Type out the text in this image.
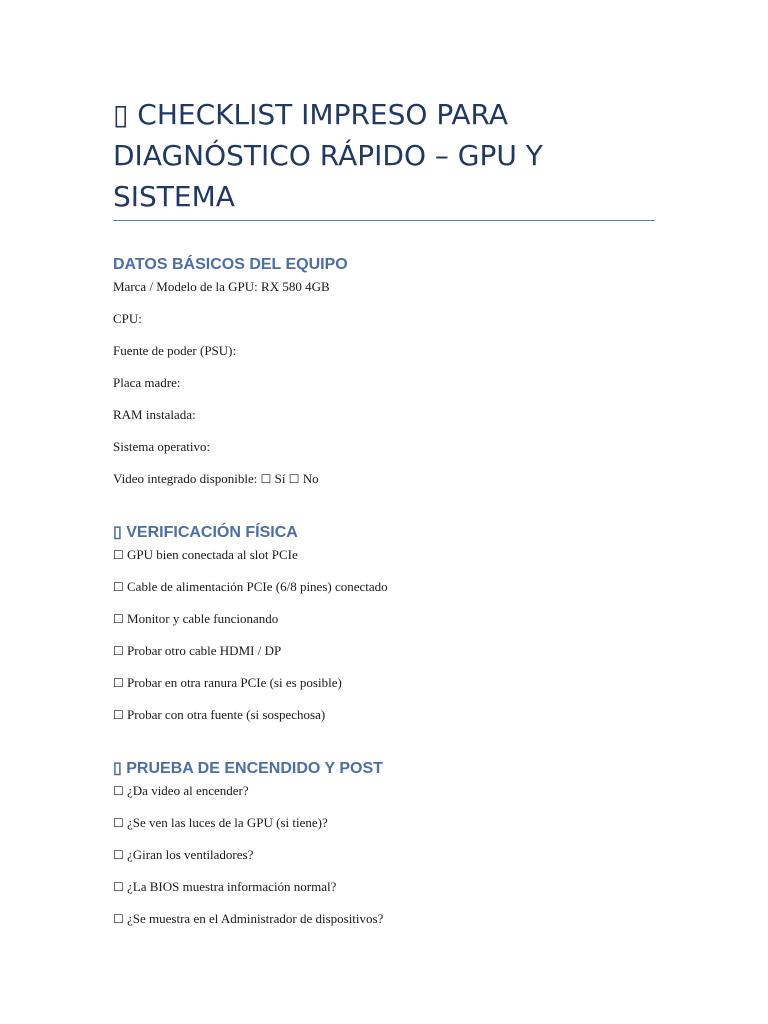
▯ CHECKLIST IMPRESO PARA DIAGNÓSTICO RÁPIDO – GPU Y SISTEMA
DATOS BÁSICOS DEL EQUIPO

Marca / Modelo de la GPU: RX 580 4GB

CPU:

Fuente de poder (PSU):

Placa madre:

RAM instalada:

Sistema operativo:

Video integrado disponible: ☐ Sí ☐ No

▯ VERIFICACIÓN FÍSICA

☐ GPU bien conectada al slot PCIe

☐ Cable de alimentación PCIe (6/8 pines) conectado

☐ Monitor y cable funcionando

☐ Probar otro cable HDMI / DP

☐ Probar en otra ranura PCIe (si es posible)

☐ Probar con otra fuente (si sospechosa)

▯ PRUEBA DE ENCENDIDO Y POST

☐ ¿Da video al encender?

☐ ¿Se ven las luces de la GPU (si tiene)?

☐ ¿Giran los ventiladores?

☐ ¿La BIOS muestra información normal?

☐ ¿Se muestra en el Administrador de dispositivos?
